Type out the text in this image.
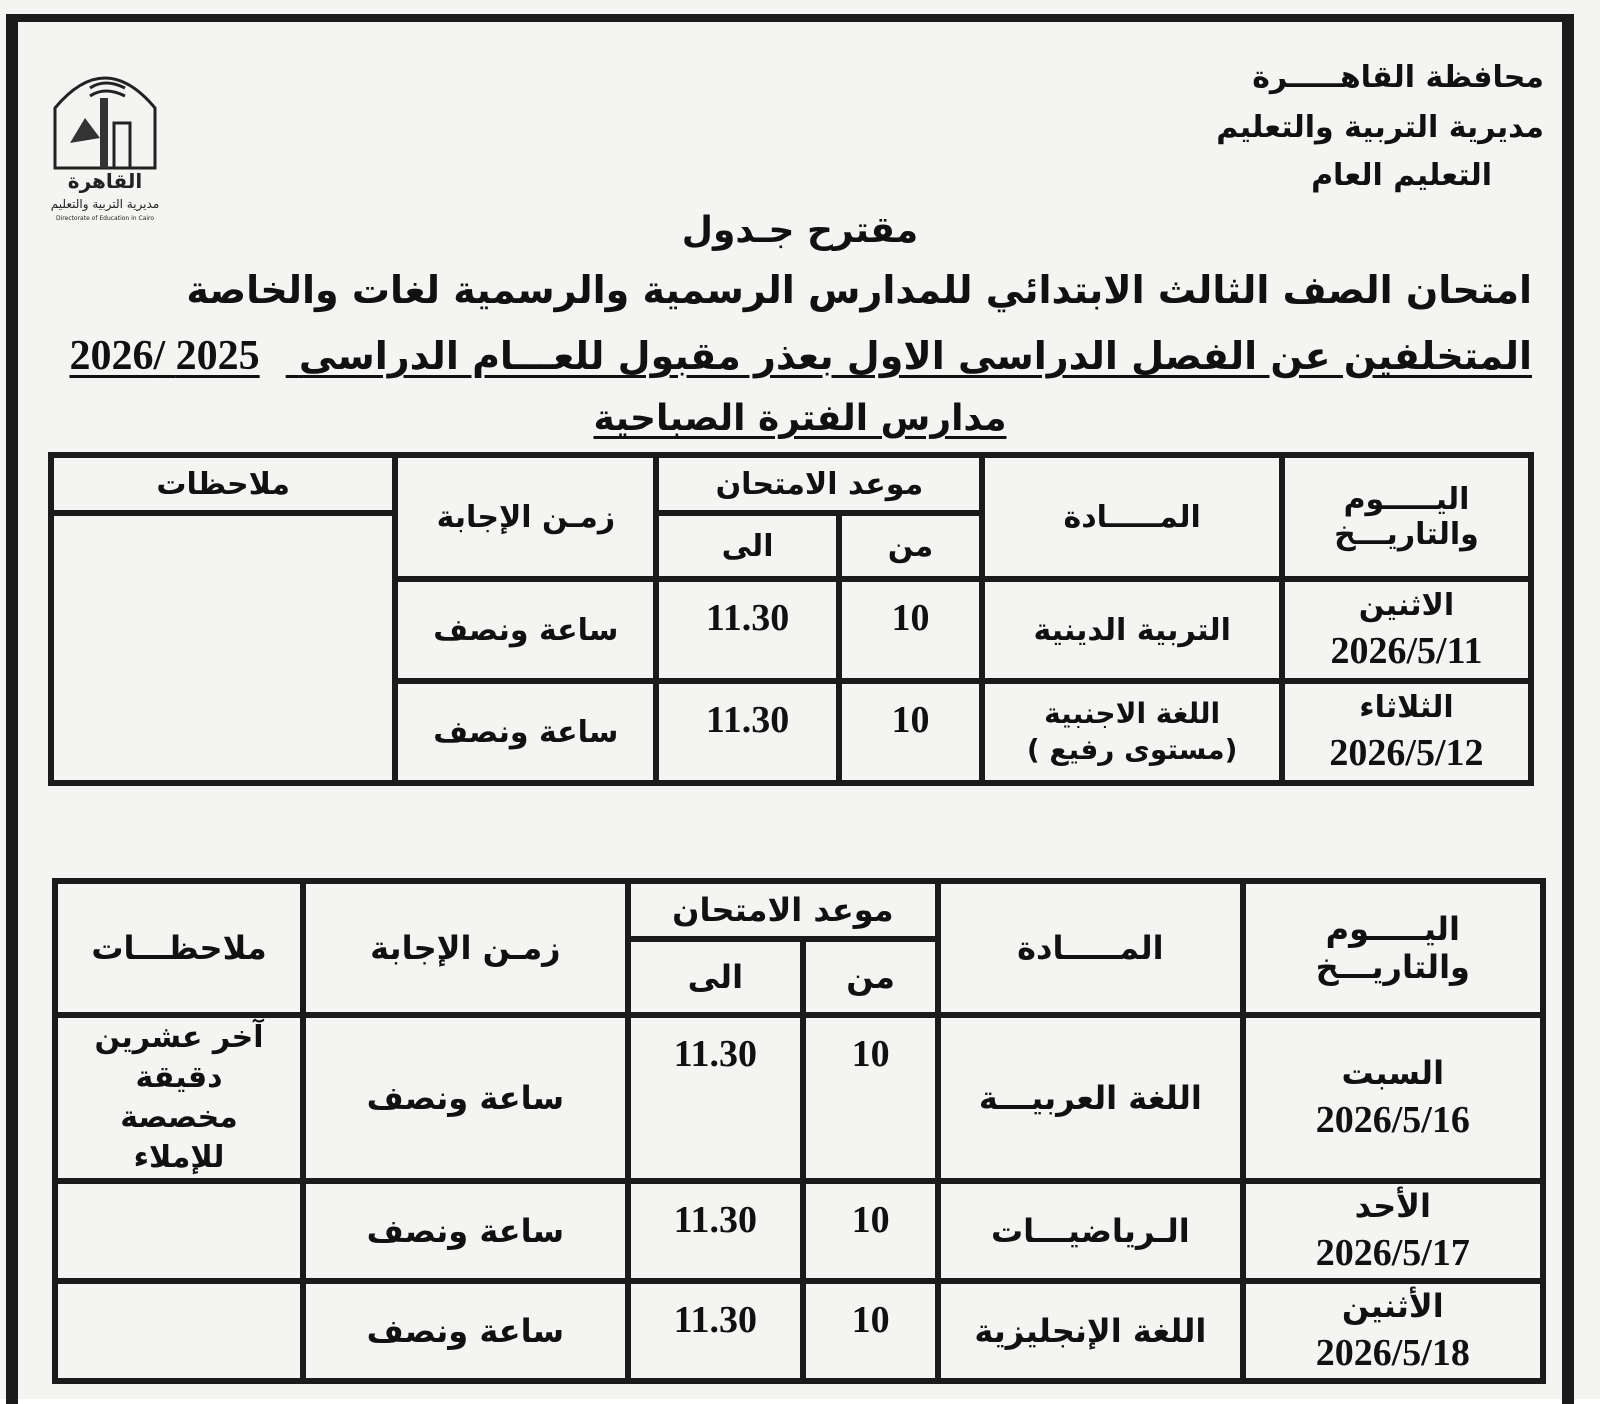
القاهرة
مديرية التربية والتعليم
Directorate of Education in Cairo
محافظة القاهـــــرة
مديرية التربية والتعليم
التعليم العام
مقترح جـدول
امتحان الصف الثالث الابتدائي للمدارس الرسمية والرسمية لغات والخاصة
المتخلفين عن الفصل الدراسى الاول بعذر مقبول للعـــام الدراسى 2025 /2026
مدارس الفترة الصباحية
اليـــــوم والتاريـــخ	المـــــادة	موعد الامتحان		زمـن الإجابة	ملاحظات
		من	الى		
الاثنين
2026/5/11	التربية الدينية	10	11.30	ساعة ونصف	
الثلاثاء
2026/5/12	اللغة الاجنبية (مستوى رفيع )	10	11.30	ساعة ونصف	
اليـــــوم والتاريـــخ	المـــــادة	موعد الامتحان		زمـن الإجابة	ملاحظـــات
		من	الى		
السبت
2026/5/16	اللغة العربيـــة	10	11.30	ساعة ونصف	آخر عشرين دقيقة مخصصة للإملاء
الأحد
2026/5/17	الـرياضيـــات	10	11.30	ساعة ونصف	
الأثنين
2026/5/18	اللغة الإنجليزية	10	11.30	ساعة ونصف	
